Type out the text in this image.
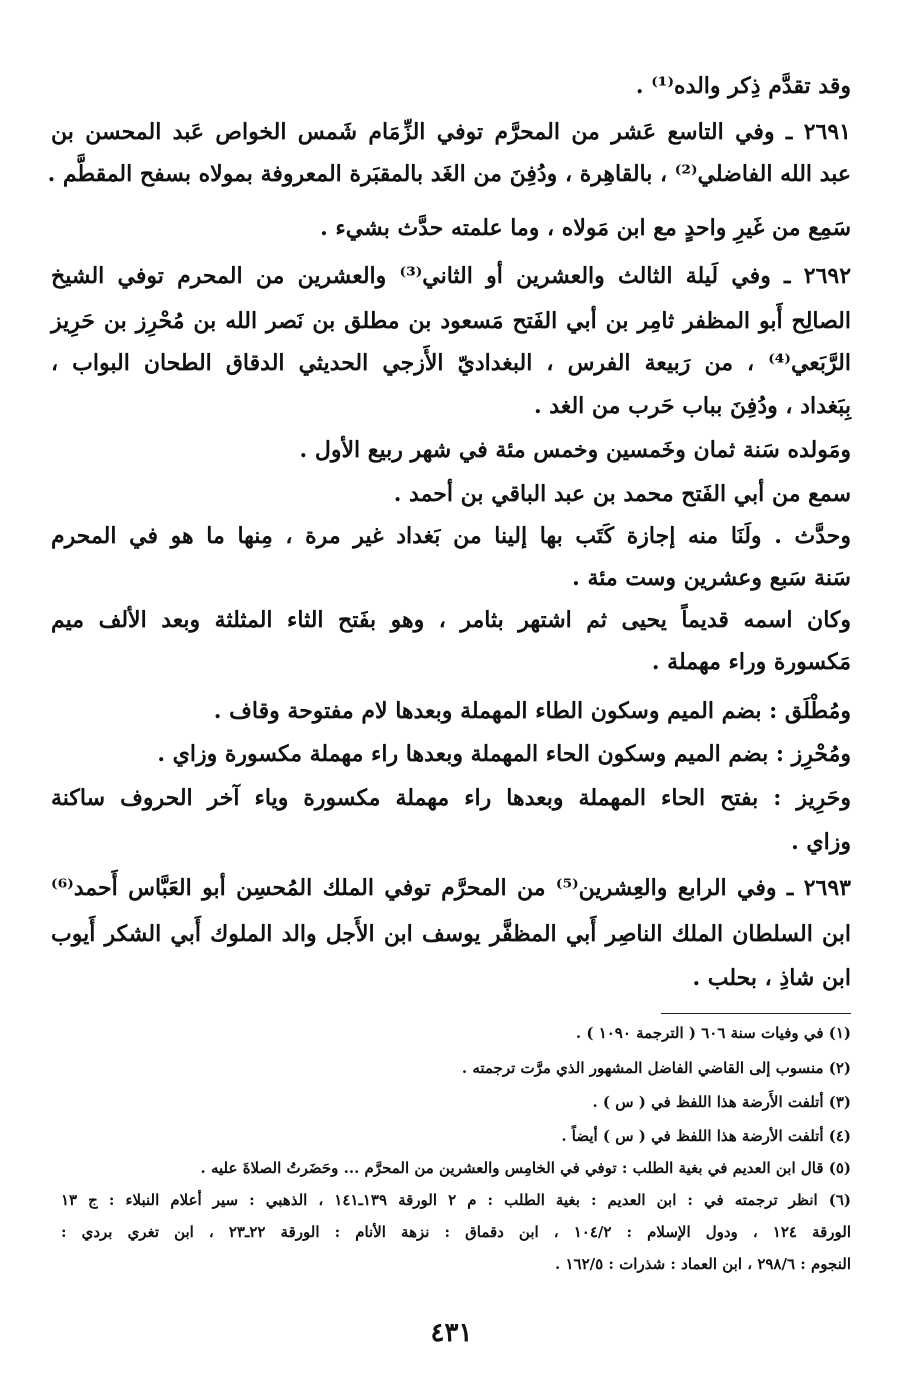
وقد تقدَّم ذِكر والده⁽¹⁾ .
٢٦٩١ ـ وفي التاسع عَشر من المحرَّم توفي الزِّمَام شَمس الخواص عَبد المحسن بن
عبد الله الفاضلي⁽²⁾ ، بالقاهِرة ، ودُفِنَ من الغَد بالمقبَرة المعروفة بمولاه بسفح المقطَّم .
سَمِع من غَيرِ واحدٍ مع ابن مَولاه ، وما علمته حدَّث بشيء .
٢٦٩٢ ـ وفي لَيلة الثالث والعشرين أو الثاني⁽³⁾ والعشرين من المحرم توفي الشيخ
الصالِح أَبو المظفر ثامِر بن أبي الفَتح مَسعود بن مطلق بن نَصر الله بن مُحْرِز بن حَرِيز
الرَّبَعي⁽⁴⁾ ، من رَبيعة الفرس ، البغداديّ الأَزجي الحديثي الدقاق الطحان البواب ،
بِبَغداد ، ودُفِنَ بباب حَرب من الغد .
ومَولده سَنة ثمان وخَمسين وخمس مئة في شهر ربيع الأول .
سمع من أبي الفَتح محمد بن عبد الباقي بن أحمد .
وحدَّث . ولَنَا منه إجازة كَتَب بها إلينا من بَغداد غير مرة ، مِنها ما هو في المحرم
سَنة سَبع وعشرين وست مئة .
وكان اسمه قديماً يحيى ثم اشتهر بثامر ، وهو بفَتح الثاء المثلثة وبعد الألف ميم
مَكسورة وراء مهملة .
ومُطْلَق : بضم الميم وسكون الطاء المهملة وبعدها لام مفتوحة وقاف .
ومُحْرِز : بضم الميم وسكون الحاء المهملة وبعدها راء مهملة مكسورة وزاي .
وحَرِيز : بفتح الحاء المهملة وبعدها راء مهملة مكسورة وياء آخر الحروف ساكنة
وزاي .
٢٦٩٣ ـ وفي الرابع والعِشرين⁽⁵⁾ من المحرَّم توفي الملك المُحسِن أبو العَبَّاس أَحمد⁽⁶⁾
ابن السلطان الملك الناصِر أَبي المظفَّر يوسف ابن الأَجل والد الملوك أَبي الشكر أَيوب
ابن شاذِ ، بحلب .
(١) في وفيات سنة ٦٠٦ ( الترجمة ١٠٩٠ ) .
(٢) منسوب إلى القاضي الفاضل المشهور الذي مرَّت ترجمته .
(٣) أتلفت الأَرضة هذا اللفظ في ( س ) .
(٤) أتلفت الأرضة هذا اللفظ في ( س ) أيضاً .
(٥) قال ابن العديم في بغية الطلب : توفي في الخامِس والعشرين من المحرَّم ... وحَضَرتُ الصلاةَ عليه .
(٦) انظر ترجمته في : ابن العديم : بغية الطلب : م ٢ الورقة ١٣٩ـ١٤١ ، الذهبي : سير أعلام النبلاء : ج ١٣
الورقة ١٢٤ ، ودول الإسلام : ١٠٤/٢ ، ابن دقماق : نزهة الأنام : الورقة ٢٢ـ٢٣ ، ابن تغري بردي :
النجوم : ٢٩٨/٦ ، ابن العماد : شذرات : ١٦٢/٥ .
٤٣١
